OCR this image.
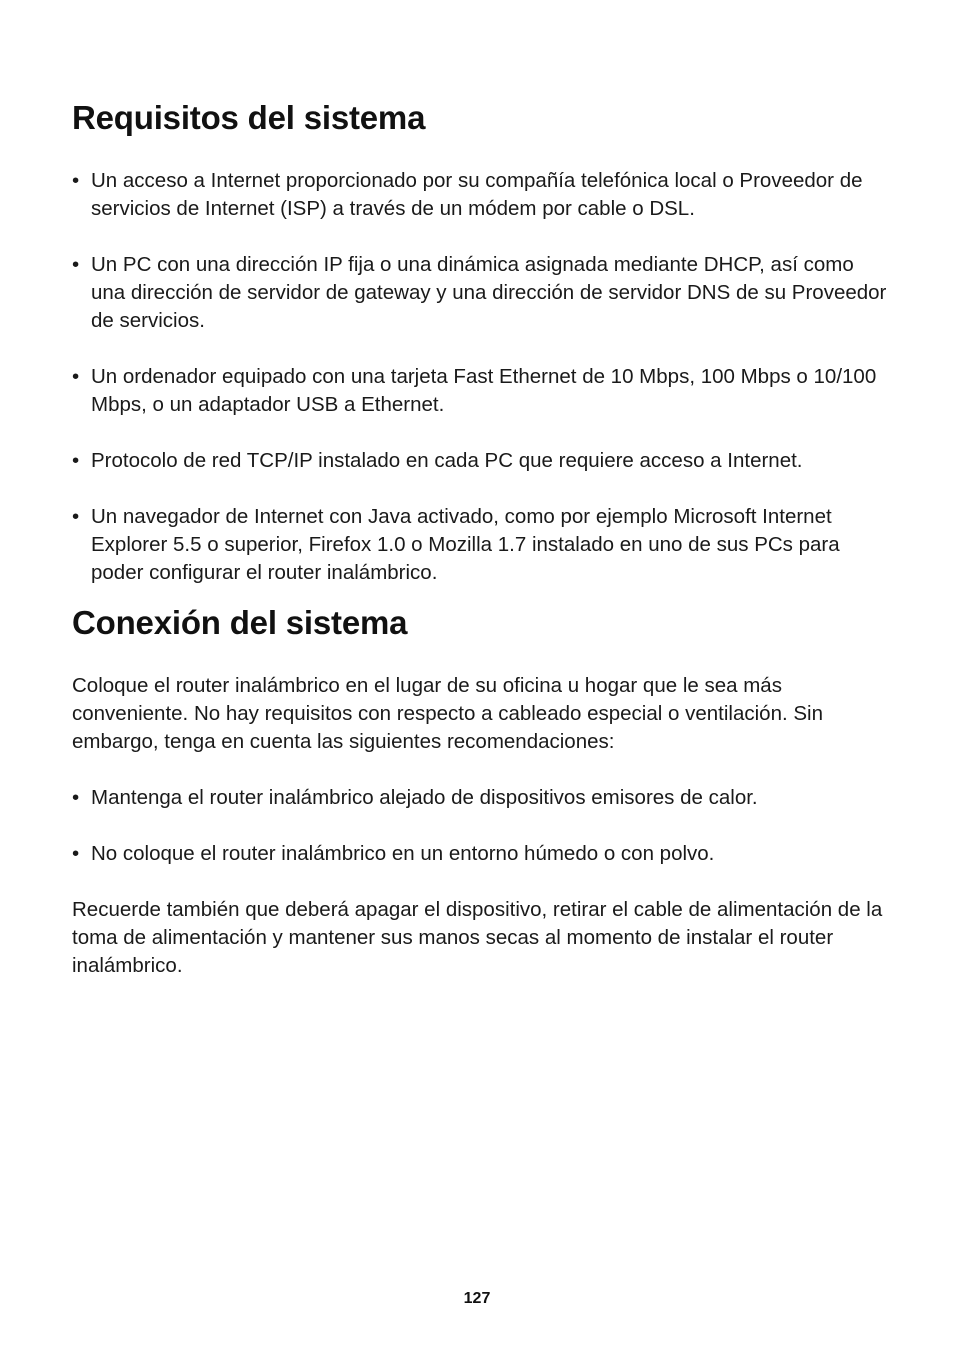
Requisitos del sistema
• Un acceso a Internet proporcionado por su compañía telefónica local o Proveedor de servicios de Internet (ISP) a través de un módem por cable o DSL.
• Un PC con una dirección IP fija o una dinámica asignada mediante DHCP, así como una dirección de servidor de gateway y una dirección de servidor DNS de su Proveedor de servicios.
• Un ordenador equipado con una tarjeta Fast Ethernet de 10 Mbps, 100 Mbps o 10/100 Mbps, o un adaptador USB a Ethernet.
• Protocolo de red TCP/IP instalado en cada PC que requiere acceso a Internet.
• Un navegador de Internet con Java activado, como por ejemplo Microsoft Internet Explorer 5.5 o superior, Firefox 1.0 o Mozilla 1.7 instalado en uno de sus PCs para poder configurar el router inalámbrico.
Conexión del sistema

Coloque el router inalámbrico en el lugar de su oficina u hogar que le sea más conveniente. No hay requisitos con respecto a cableado especial o ventilación. Sin embargo, tenga en cuenta las siguientes recomendaciones:

• Mantenga el router inalámbrico alejado de dispositivos emisores de calor.
• No coloque el router inalámbrico en un entorno húmedo o con polvo.

Recuerde también que deberá apagar el dispositivo, retirar el cable de alimentación de la toma de alimentación y mantener sus manos secas al momento de instalar el router inalámbrico.

127
